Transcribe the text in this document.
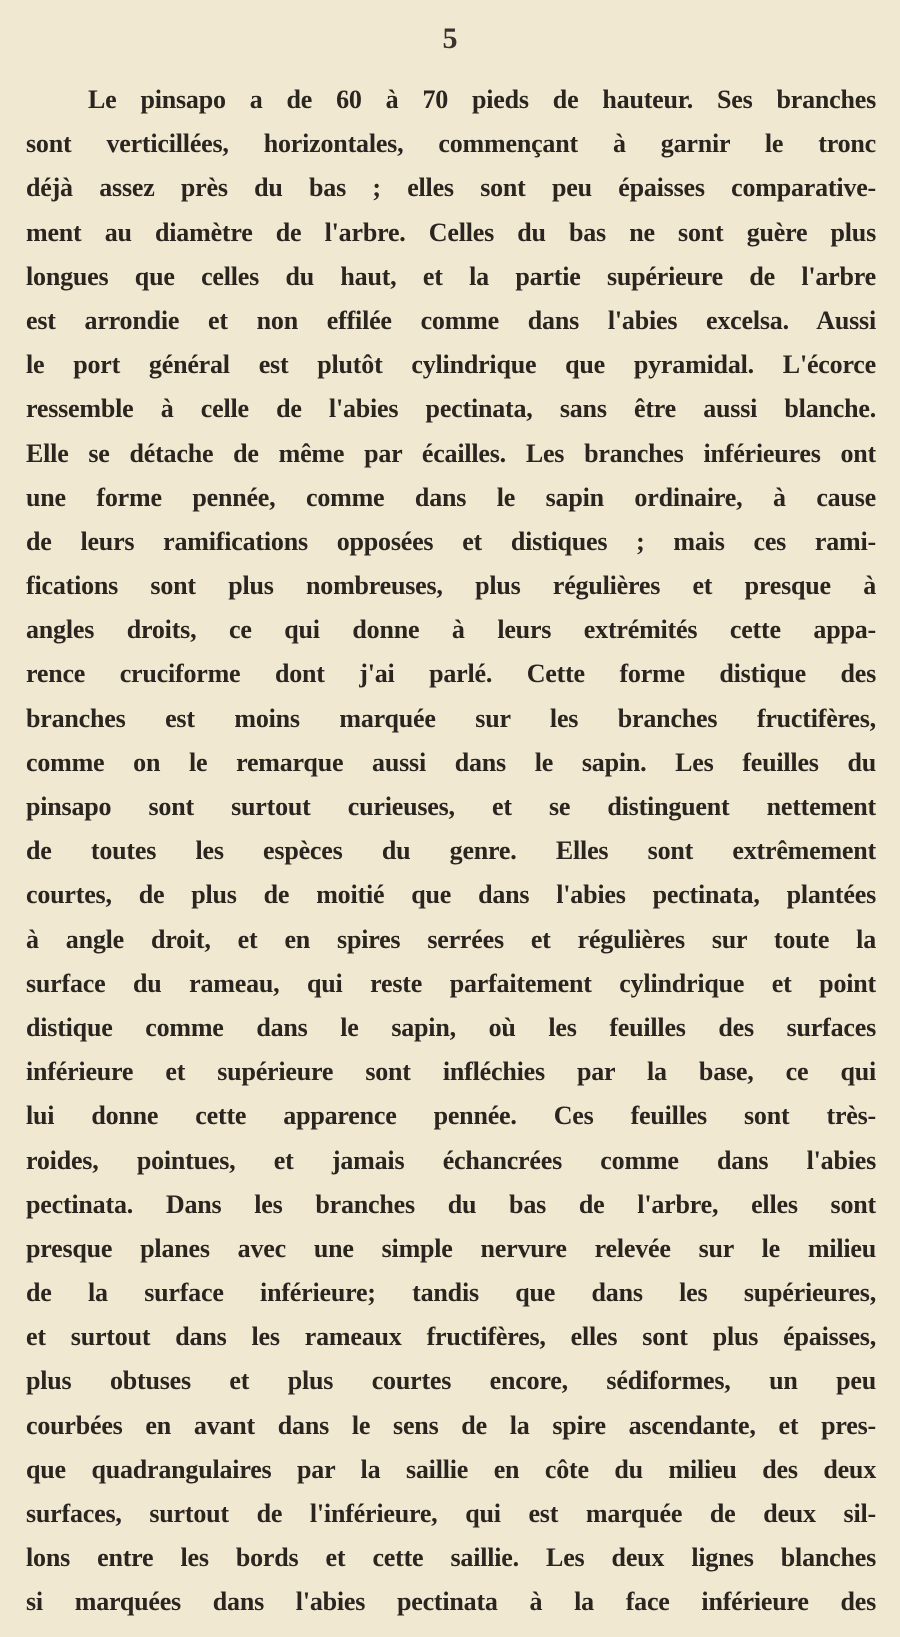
5
Le pinsapo a de 60 à 70 pieds de hauteur. Ses branches
sont verticillées, horizontales, commençant à garnir le tronc
déjà assez près du bas ; elles sont peu épaisses comparative-
ment au diamètre de l'arbre. Celles du bas ne sont guère plus
longues que celles du haut, et la partie supérieure de l'arbre
est arrondie et non effilée comme dans l'abies excelsa. Aussi
le port général est plutôt cylindrique que pyramidal. L'écorce
ressemble à celle de l'abies pectinata, sans être aussi blanche.
Elle se détache de même par écailles. Les branches inférieures ont
une forme pennée, comme dans le sapin ordinaire, à cause
de leurs ramifications opposées et distiques ; mais ces rami-
fications sont plus nombreuses, plus régulières et presque à
angles droits, ce qui donne à leurs extrémités cette appa-
rence cruciforme dont j'ai parlé. Cette forme distique des
branches est moins marquée sur les branches fructifères,
comme on le remarque aussi dans le sapin. Les feuilles du
pinsapo sont surtout curieuses, et se distinguent nettement
de toutes les espèces du genre. Elles sont extrêmement
courtes, de plus de moitié que dans l'abies pectinata, plantées
à angle droit, et en spires serrées et régulières sur toute la
surface du rameau, qui reste parfaitement cylindrique et point
distique comme dans le sapin, où les feuilles des surfaces
inférieure et supérieure sont infléchies par la base, ce qui
lui donne cette apparence pennée. Ces feuilles sont très-
roides, pointues, et jamais échancrées comme dans l'abies
pectinata. Dans les branches du bas de l'arbre, elles sont
presque planes avec une simple nervure relevée sur le milieu
de la surface inférieure; tandis que dans les supérieures,
et surtout dans les rameaux fructifères, elles sont plus épaisses,
plus obtuses et plus courtes encore, sédiformes, un peu
courbées en avant dans le sens de la spire ascendante, et pres-
que quadrangulaires par la saillie en côte du milieu des deux
surfaces, surtout de l'inférieure, qui est marquée de deux sil-
lons entre les bords et cette saillie. Les deux lignes blanches
si marquées dans l'abies pectinata à la face inférieure des
